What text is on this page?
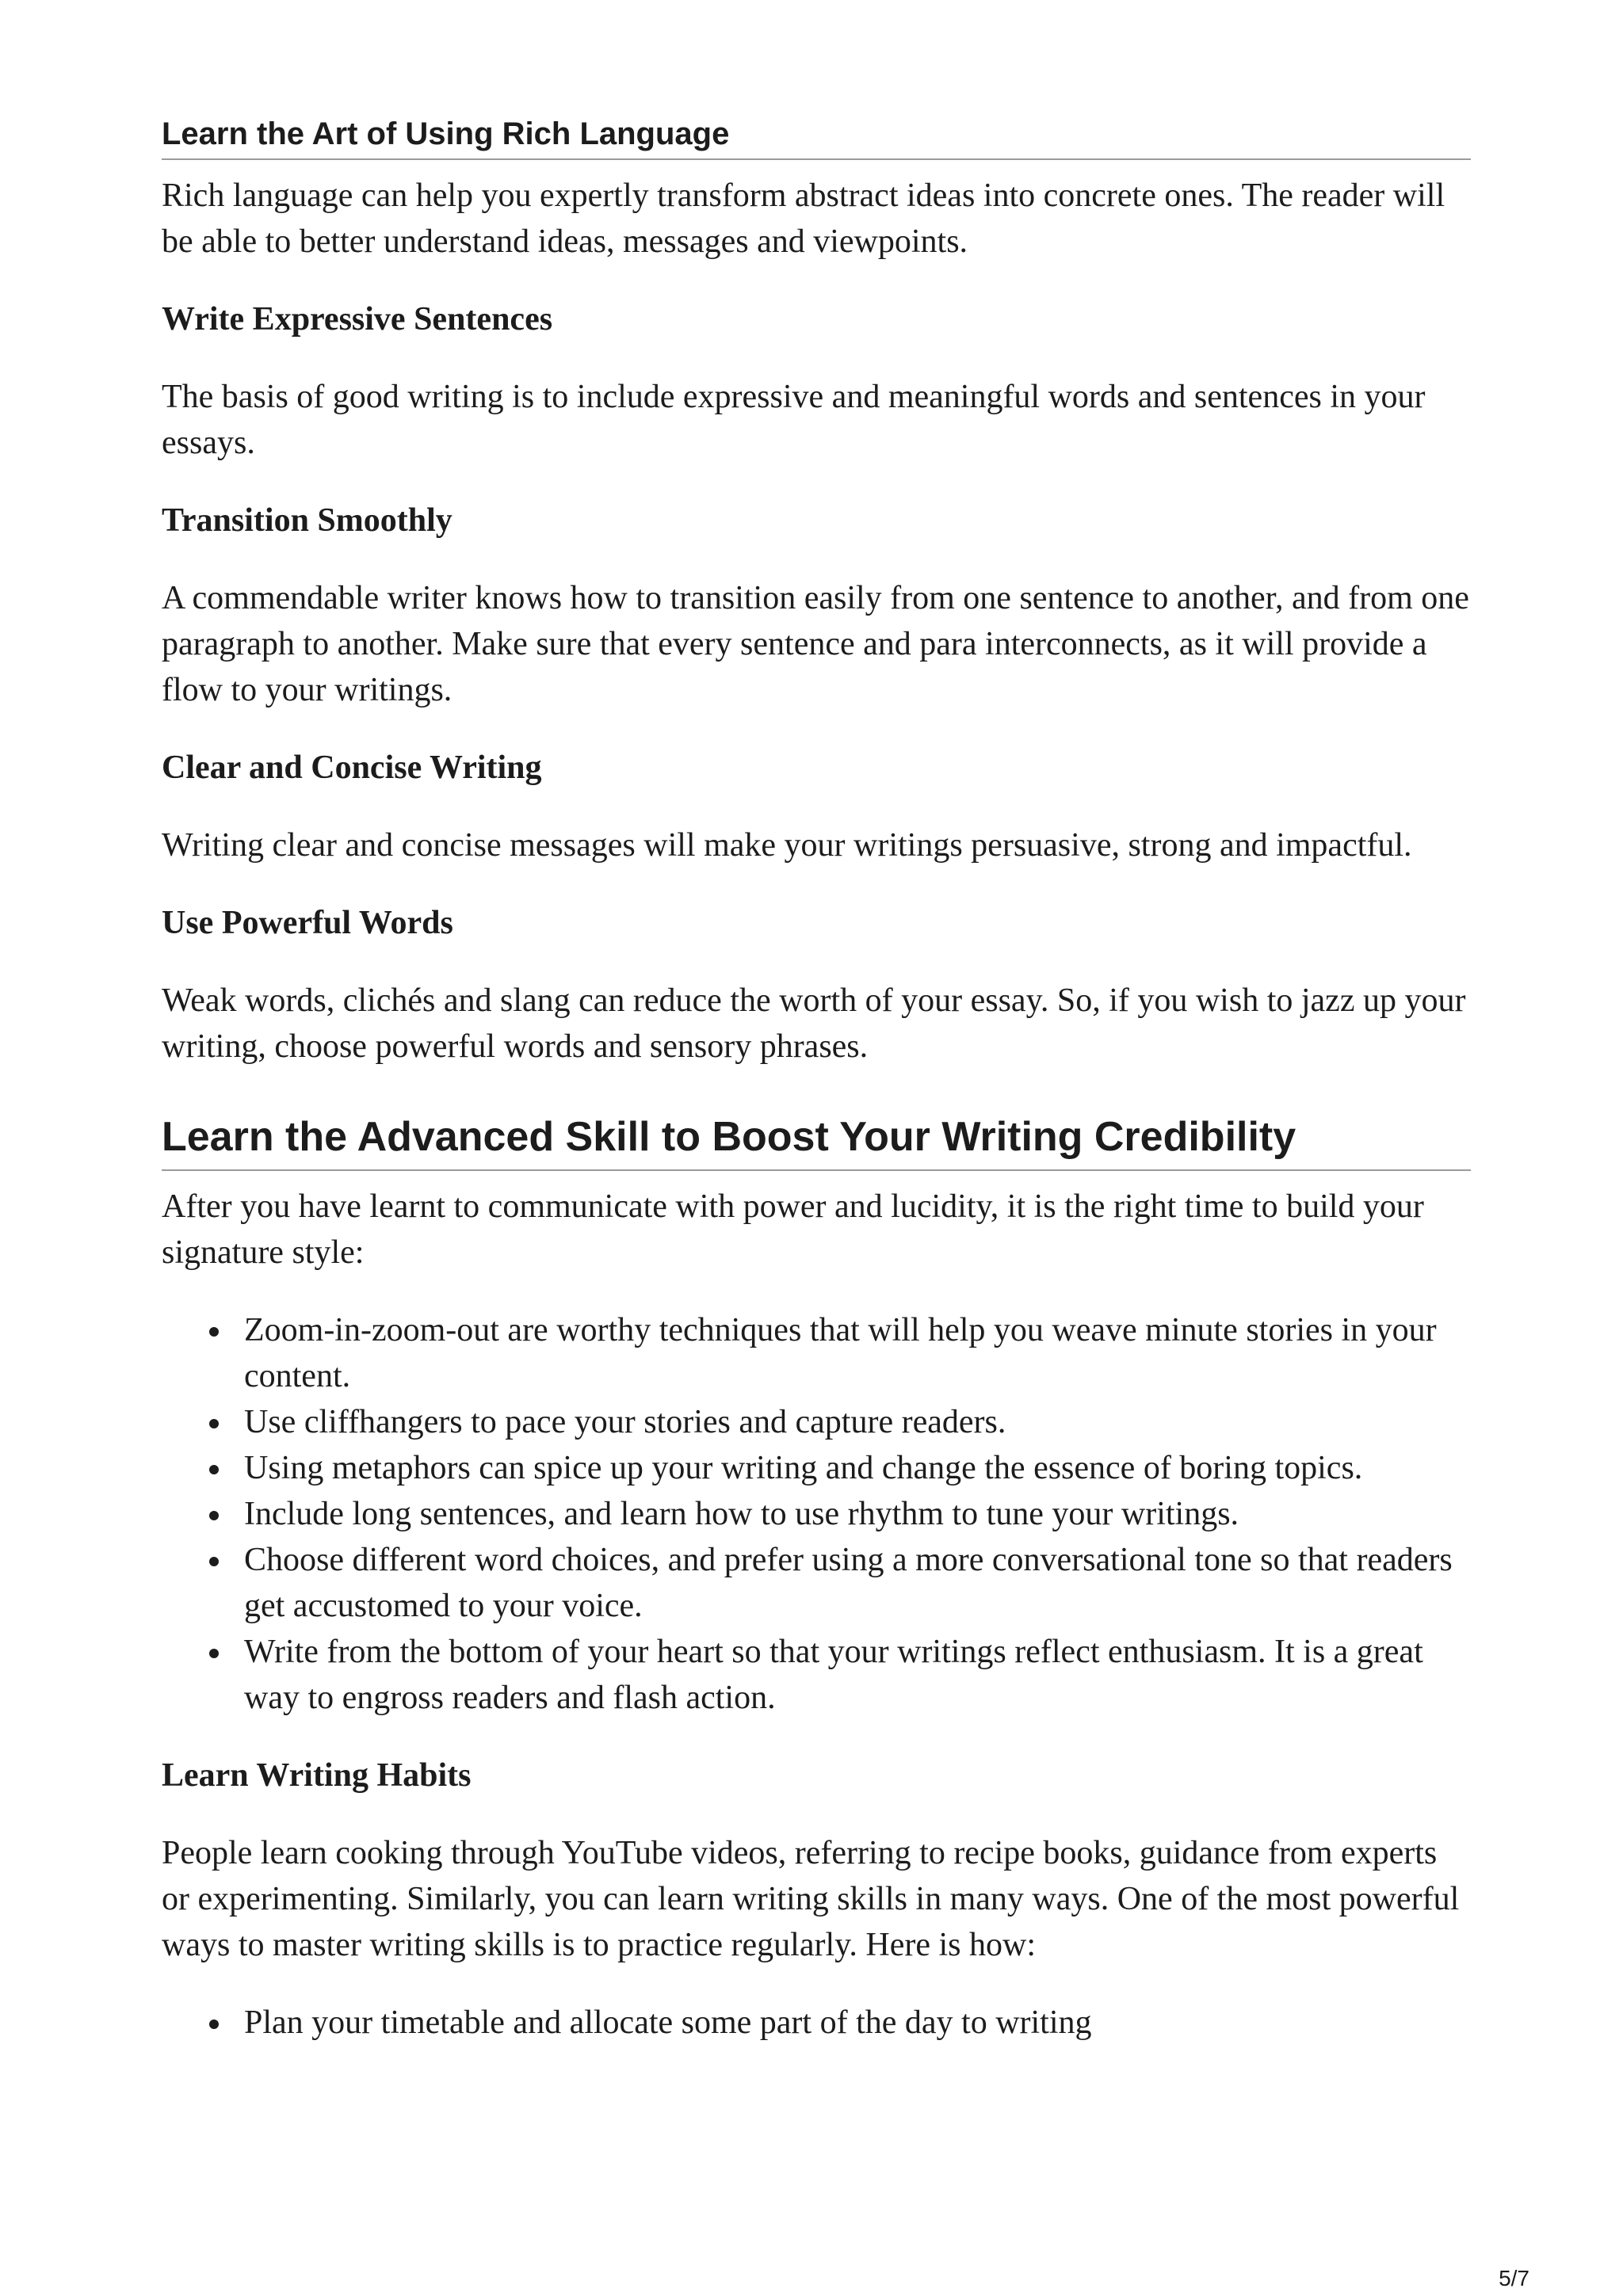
Learn the Art of Using Rich Language

Rich language can help you expertly transform abstract ideas into concrete ones. The reader will be able to better understand ideas, messages and viewpoints.

Write Expressive Sentences

The basis of good writing is to include expressive and meaningful words and sentences in your essays.

Transition Smoothly

A commendable writer knows how to transition easily from one sentence to another, and from one paragraph to another. Make sure that every sentence and para interconnects, as it will provide a flow to your writings.

Clear and Concise Writing

Writing clear and concise messages will make your writings persuasive, strong and impactful.

Use Powerful Words

Weak words, clichés and slang can reduce the worth of your essay. So, if you wish to jazz up your writing, choose powerful words and sensory phrases.

Learn the Advanced Skill to Boost Your Writing Credibility

After you have learnt to communicate with power and lucidity, it is the right time to build your signature style:

Zoom-in-zoom-out are worthy techniques that will help you weave minute stories in your content.
Use cliffhangers to pace your stories and capture readers.
Using metaphors can spice up your writing and change the essence of boring topics.
Include long sentences, and learn how to use rhythm to tune your writings.
Choose different word choices, and prefer using a more conversational tone so that readers get accustomed to your voice.
Write from the bottom of your heart so that your writings reflect enthusiasm. It is a great way to engross readers and flash action.

Learn Writing Habits

People learn cooking through YouTube videos, referring to recipe books, guidance from experts or experimenting. Similarly, you can learn writing skills in many ways. One of the most powerful ways to master writing skills is to practice regularly. Here is how:

Plan your timetable and allocate some part of the day to writing

5/7
